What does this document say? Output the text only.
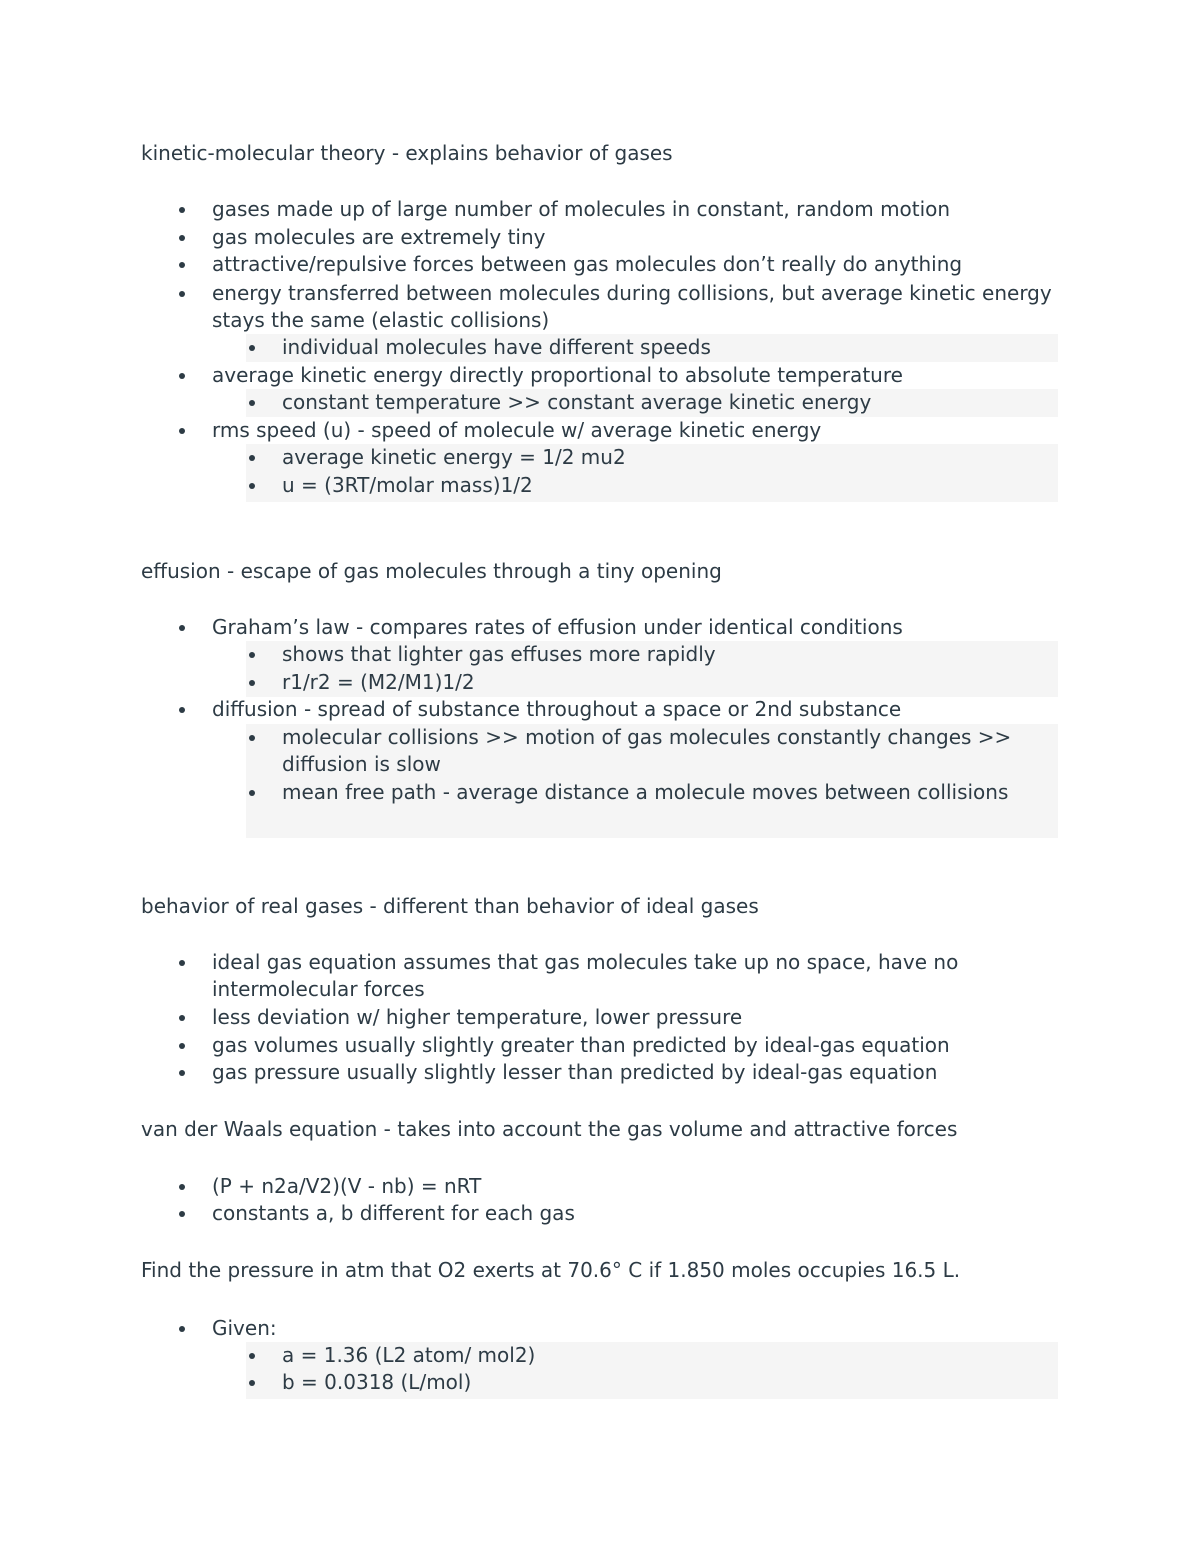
kinetic-molecular theory - explains behavior of gases
gases made up of large number of molecules in constant, random motion
gas molecules are extremely tiny
attractive/repulsive forces between gas molecules don’t really do anything
energy transferred between molecules during collisions, but average kinetic energy stays the same (elastic collisions)
individual molecules have different speeds
average kinetic energy directly proportional to absolute temperature
constant temperature >> constant average kinetic energy
rms speed (u) - speed of molecule w/ average kinetic energy
average kinetic energy = 1/2 mu2
u = (3RT/molar mass)1/2
effusion - escape of gas molecules through a tiny opening
Graham’s law - compares rates of effusion under identical conditions
shows that lighter gas effuses more rapidly
r1/r2 = (M2/M1)1/2
diffusion - spread of substance throughout a space or 2nd substance
molecular collisions >> motion of gas molecules constantly changes >> diffusion is slow
mean free path - average distance a molecule moves between collisions
behavior of real gases - different than behavior of ideal gases
ideal gas equation assumes that gas molecules take up no space, have no intermolecular forces
less deviation w/ higher temperature, lower pressure
gas volumes usually slightly greater than predicted by ideal-gas equation
gas pressure usually slightly lesser than predicted by ideal-gas equation
van der Waals equation - takes into account the gas volume and attractive forces
(P + n2a/V2)(V - nb) = nRT
constants a, b different for each gas
Find the pressure in atm that O2 exerts at 70.6° C if 1.850 moles occupies 16.5 L.
Given:
a = 1.36 (L2 atom/ mol2)
b = 0.0318 (L/mol)
